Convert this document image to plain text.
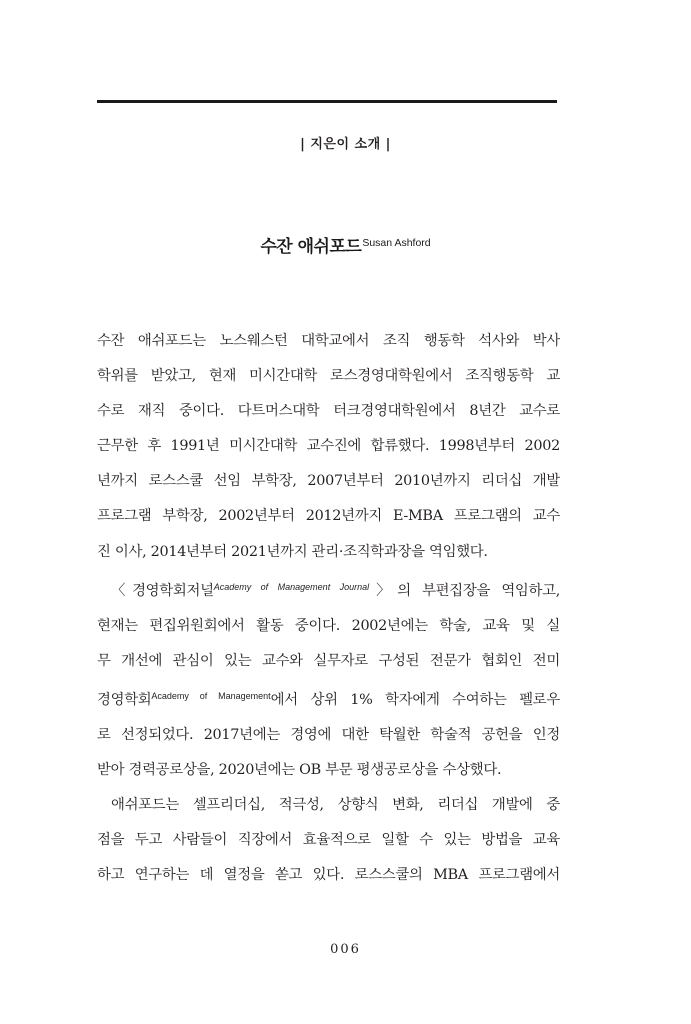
| 지은이 소개 |
수잔 애쉬포드$^{Susan Ashford}$
수잔 애쉬포드는 노스웨스턴 대학교에서 조직 행동학 석사와 박사
학위를 받았고, 현재 미시간대학 로스경영대학원에서 조직행동학 교
수로 재직 중이다. 다트머스대학 터크경영대학원에서 8년간 교수로
근무한 후 1991년 미시간대학 교수진에 합류했다. 1998년부터 2002
년까지 로스스쿨 선임 부학장, 2007년부터 2010년까지 리더십 개발
프로그램 부학장, 2002년부터 2012년까지 E-MBA 프로그램의 교수
진 이사, 2014년부터 2021년까지 관리·조직학과장을 역임했다.
〈경영학회저널$^{Academy of Management Journal}$〉의 부편집장을 역임하고,
현재는 편집위원회에서 활동 중이다. 2002년에는 학술, 교육 및 실
무 개선에 관심이 있는 교수와 실무자로 구성된 전문가 협회인 전미
경영학회$^{Academy of Management}$에서 상위 1% 학자에게 수여하는 펠로우
로 선정되었다. 2017년에는 경영에 대한 탁월한 학술적 공헌을 인정
받아 경력공로상을, 2020년에는 OB 부문 평생공로상을 수상했다.
애쉬포드는 셀프리더십, 적극성, 상향식 변화, 리더십 개발에 중
점을 두고 사람들이 직장에서 효율적으로 일할 수 있는 방법을 교육
하고 연구하는 데 열정을 쏟고 있다. 로스스쿨의 MBA 프로그램에서
006
